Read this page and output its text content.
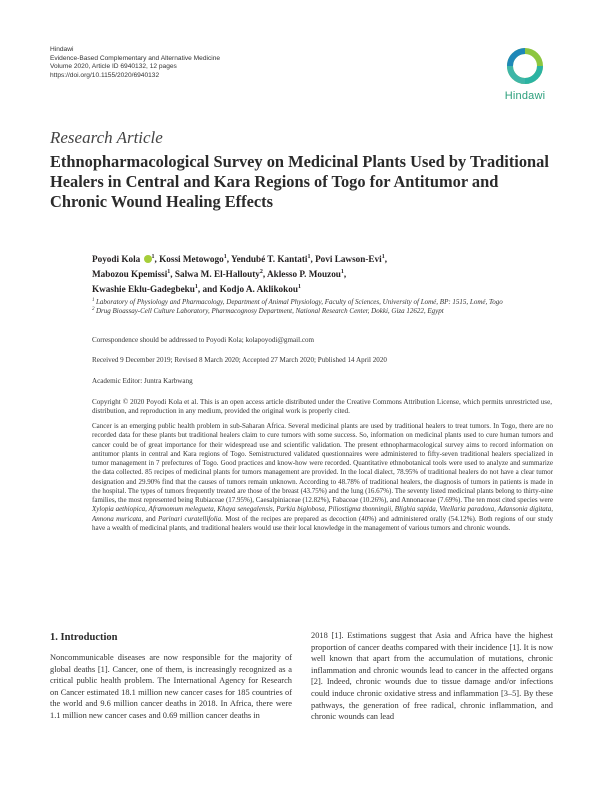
Hindawi
Evidence-Based Complementary and Alternative Medicine
Volume 2020, Article ID 6940132, 12 pages
https://doi.org/10.1155/2020/6940132
Hindawi
Research Article
Ethnopharmacological Survey on Medicinal Plants Used by Traditional Healers in Central and Kara Regions of Togo for Antitumor and Chronic Wound Healing Effects
Poyodi Kola $^1$, Kossi Metowogo$^1$, Yendubé T. Kantati$^1$, Povi Lawson-Evi$^1$,
Mabozou Kpemissi$^1$, Salwa M. El-Hallouty$^2$, Aklesso P. Mouzou$^1$,
Kwashie Eklu-Gadegbeku$^1$, and Kodjo A. Aklikokou$^1$
1 Laboratory of Physiology and Pharmacology, Department of Animal Physiology, Faculty of Sciences, University of Lomé, BP: 1515, Lomé, Togo
2 Drug Bioassay-Cell Culture Laboratory, Pharmacognosy Department, National Research Center, Dokki, Giza 12622, Egypt
Correspondence should be addressed to Poyodi Kola; kolapoyodi@gmail.com
Received 9 December 2019; Revised 8 March 2020; Accepted 27 March 2020; Published 14 April 2020
Academic Editor: Juntra Karbwang
Copyright © 2020 Poyodi Kola et al. This is an open access article distributed under the Creative Commons Attribution License, which permits unrestricted use, distribution, and reproduction in any medium, provided the original work is properly cited.
Cancer is an emerging public health problem in sub-Saharan Africa. Several medicinal plants are used by traditional healers to treat tumors. In Togo, there are no recorded data for these plants but traditional healers claim to cure tumors with some success. So, information on medicinal plants used to cure human tumors and cancer could be of great importance for their widespread use and scientific validation. The present ethnopharmacological survey aims to record information on antitumor plants in central and Kara regions of Togo. Semistructured validated questionnaires were administered to fifty-seven traditional healers specialized in tumor management in 7 prefectures of Togo. Good practices and know-how were recorded. Quantitative ethnobotanical tools were used to analyze and summarize the data collected. 85 recipes of medicinal plants for tumors management are provided. In the local dialect, 78.95% of traditional healers do not have a clear tumor designation and 29.90% find that the causes of tumors remain unknown. According to 48.78% of traditional healers, the diagnosis of tumors in patients is made in the hospital. The types of tumors frequently treated are those of the breast (43.75%) and the lung (16.67%). The seventy listed medicinal plants belong to thirty-nine families, the most represented being Rubiaceae (17.95%), Caesalpiniaceae (12.82%), Fabaceae (10.26%), and Annonaceae (7.69%). The ten most cited species were Xylopia aethiopica, Aframomum melegueta, Khaya senegalensis, Parkia biglobosa, Piliostigma thonningii, Blighia sapida, Vitellaria paradoxa, Adansonia digitata, Annona muricata, and Parinari curatellifolia. Most of the recipes are prepared as decoction (40%) and administered orally (54.12%). Both regions of our study have a wealth of medicinal plants, and traditional healers would use their local knowledge in the management of various tumors and chronic wounds.
1. Introduction
Noncommunicable diseases are now responsible for the majority of global deaths [1]. Cancer, one of them, is increasingly recognized as a critical public health problem. The International Agency for Research on Cancer estimated 18.1 million new cancer cases for 185 countries of the world and 9.6 million cancer deaths in 2018. In Africa, there were 1.1 million new cancer cases and 0.69 million cancer deaths in
2018 [1]. Estimations suggest that Asia and Africa have the highest proportion of cancer deaths compared with their incidence [1]. It is now well known that apart from the accumulation of mutations, chronic inflammation and chronic wounds lead to cancer in the affected organs [2]. Indeed, chronic wounds due to tissue damage and/or infections could induce chronic oxidative stress and inflammation [3–5]. By these pathways, the generation of free radical, chronic inflammation, and chronic wounds can lead
